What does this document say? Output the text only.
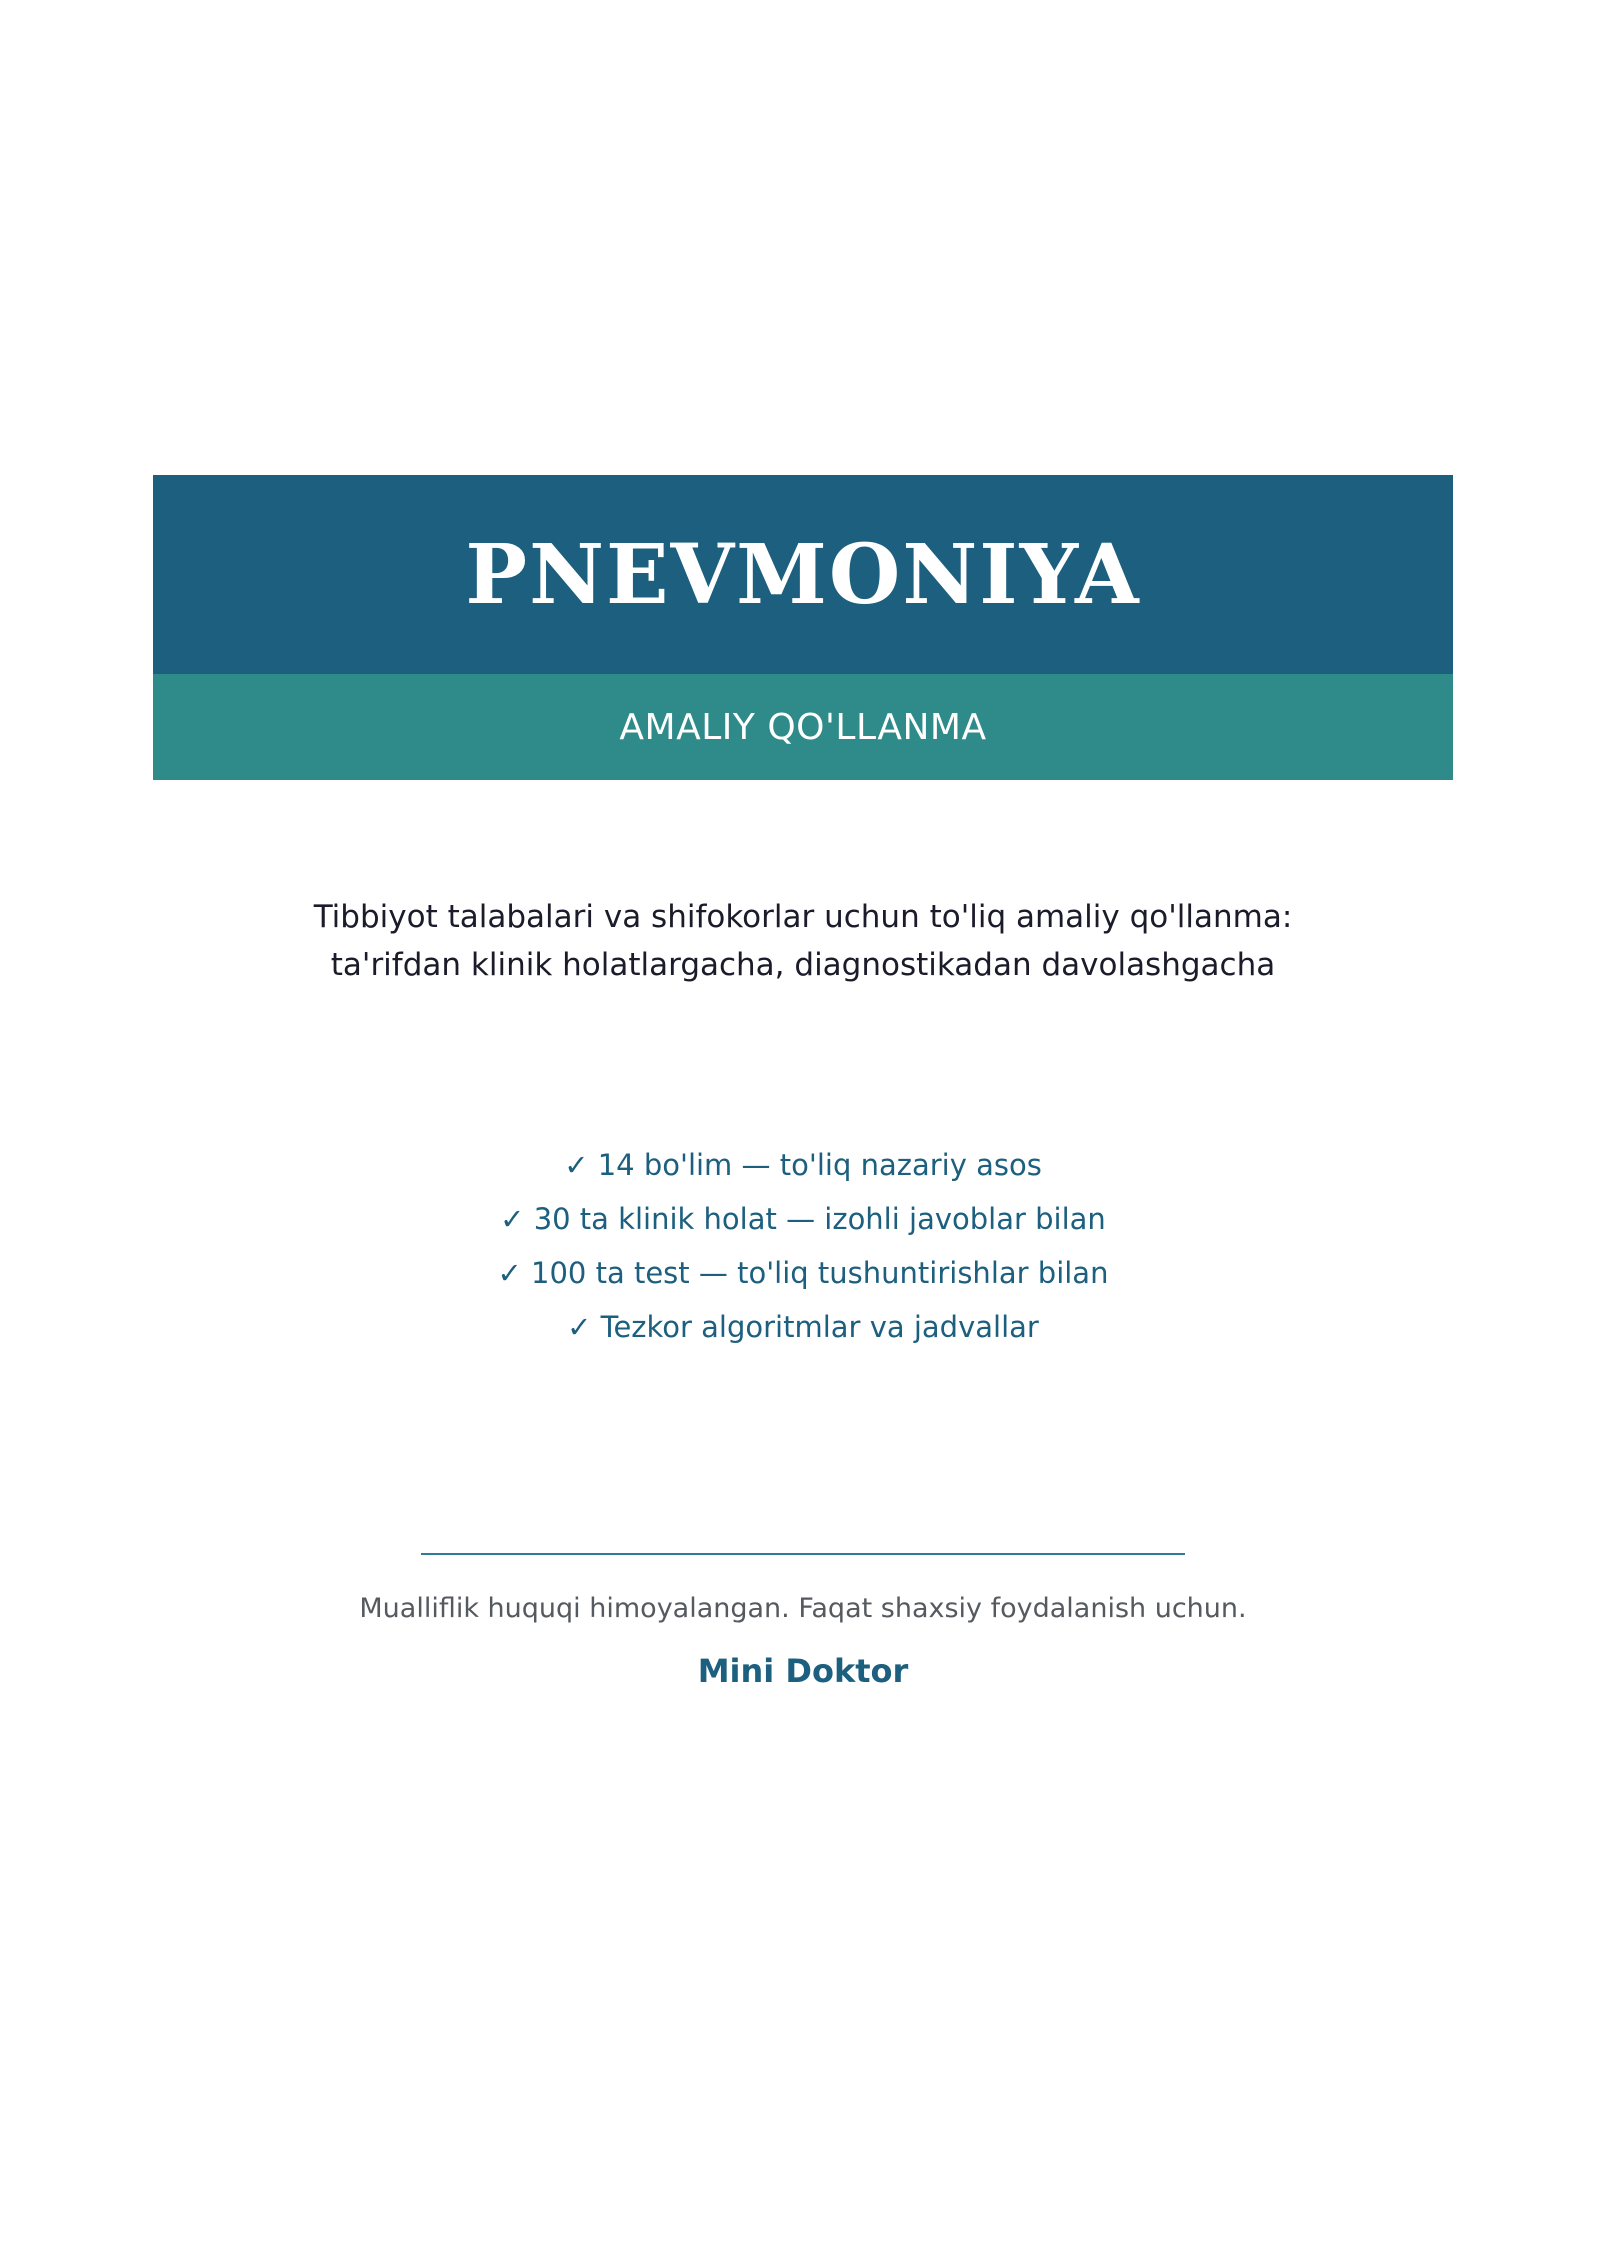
PNEVMONIYA
AMALIY QO'LLANMA
Tibbiyot talabalari va shifokorlar uchun to'liq amaliy qo'llanma:
ta'rifdan klinik holatlargacha, diagnostikadan davolashgacha
✓ 14 bo'lim — to'liq nazariy asos
✓ 30 ta klinik holat — izohli javoblar bilan
✓ 100 ta test — to'liq tushuntirishlar bilan
✓ Tezkor algoritmlar va jadvallar
Mualliflik huquqi himoyalangan. Faqat shaxsiy foydalanish uchun.
Mini Doktor
